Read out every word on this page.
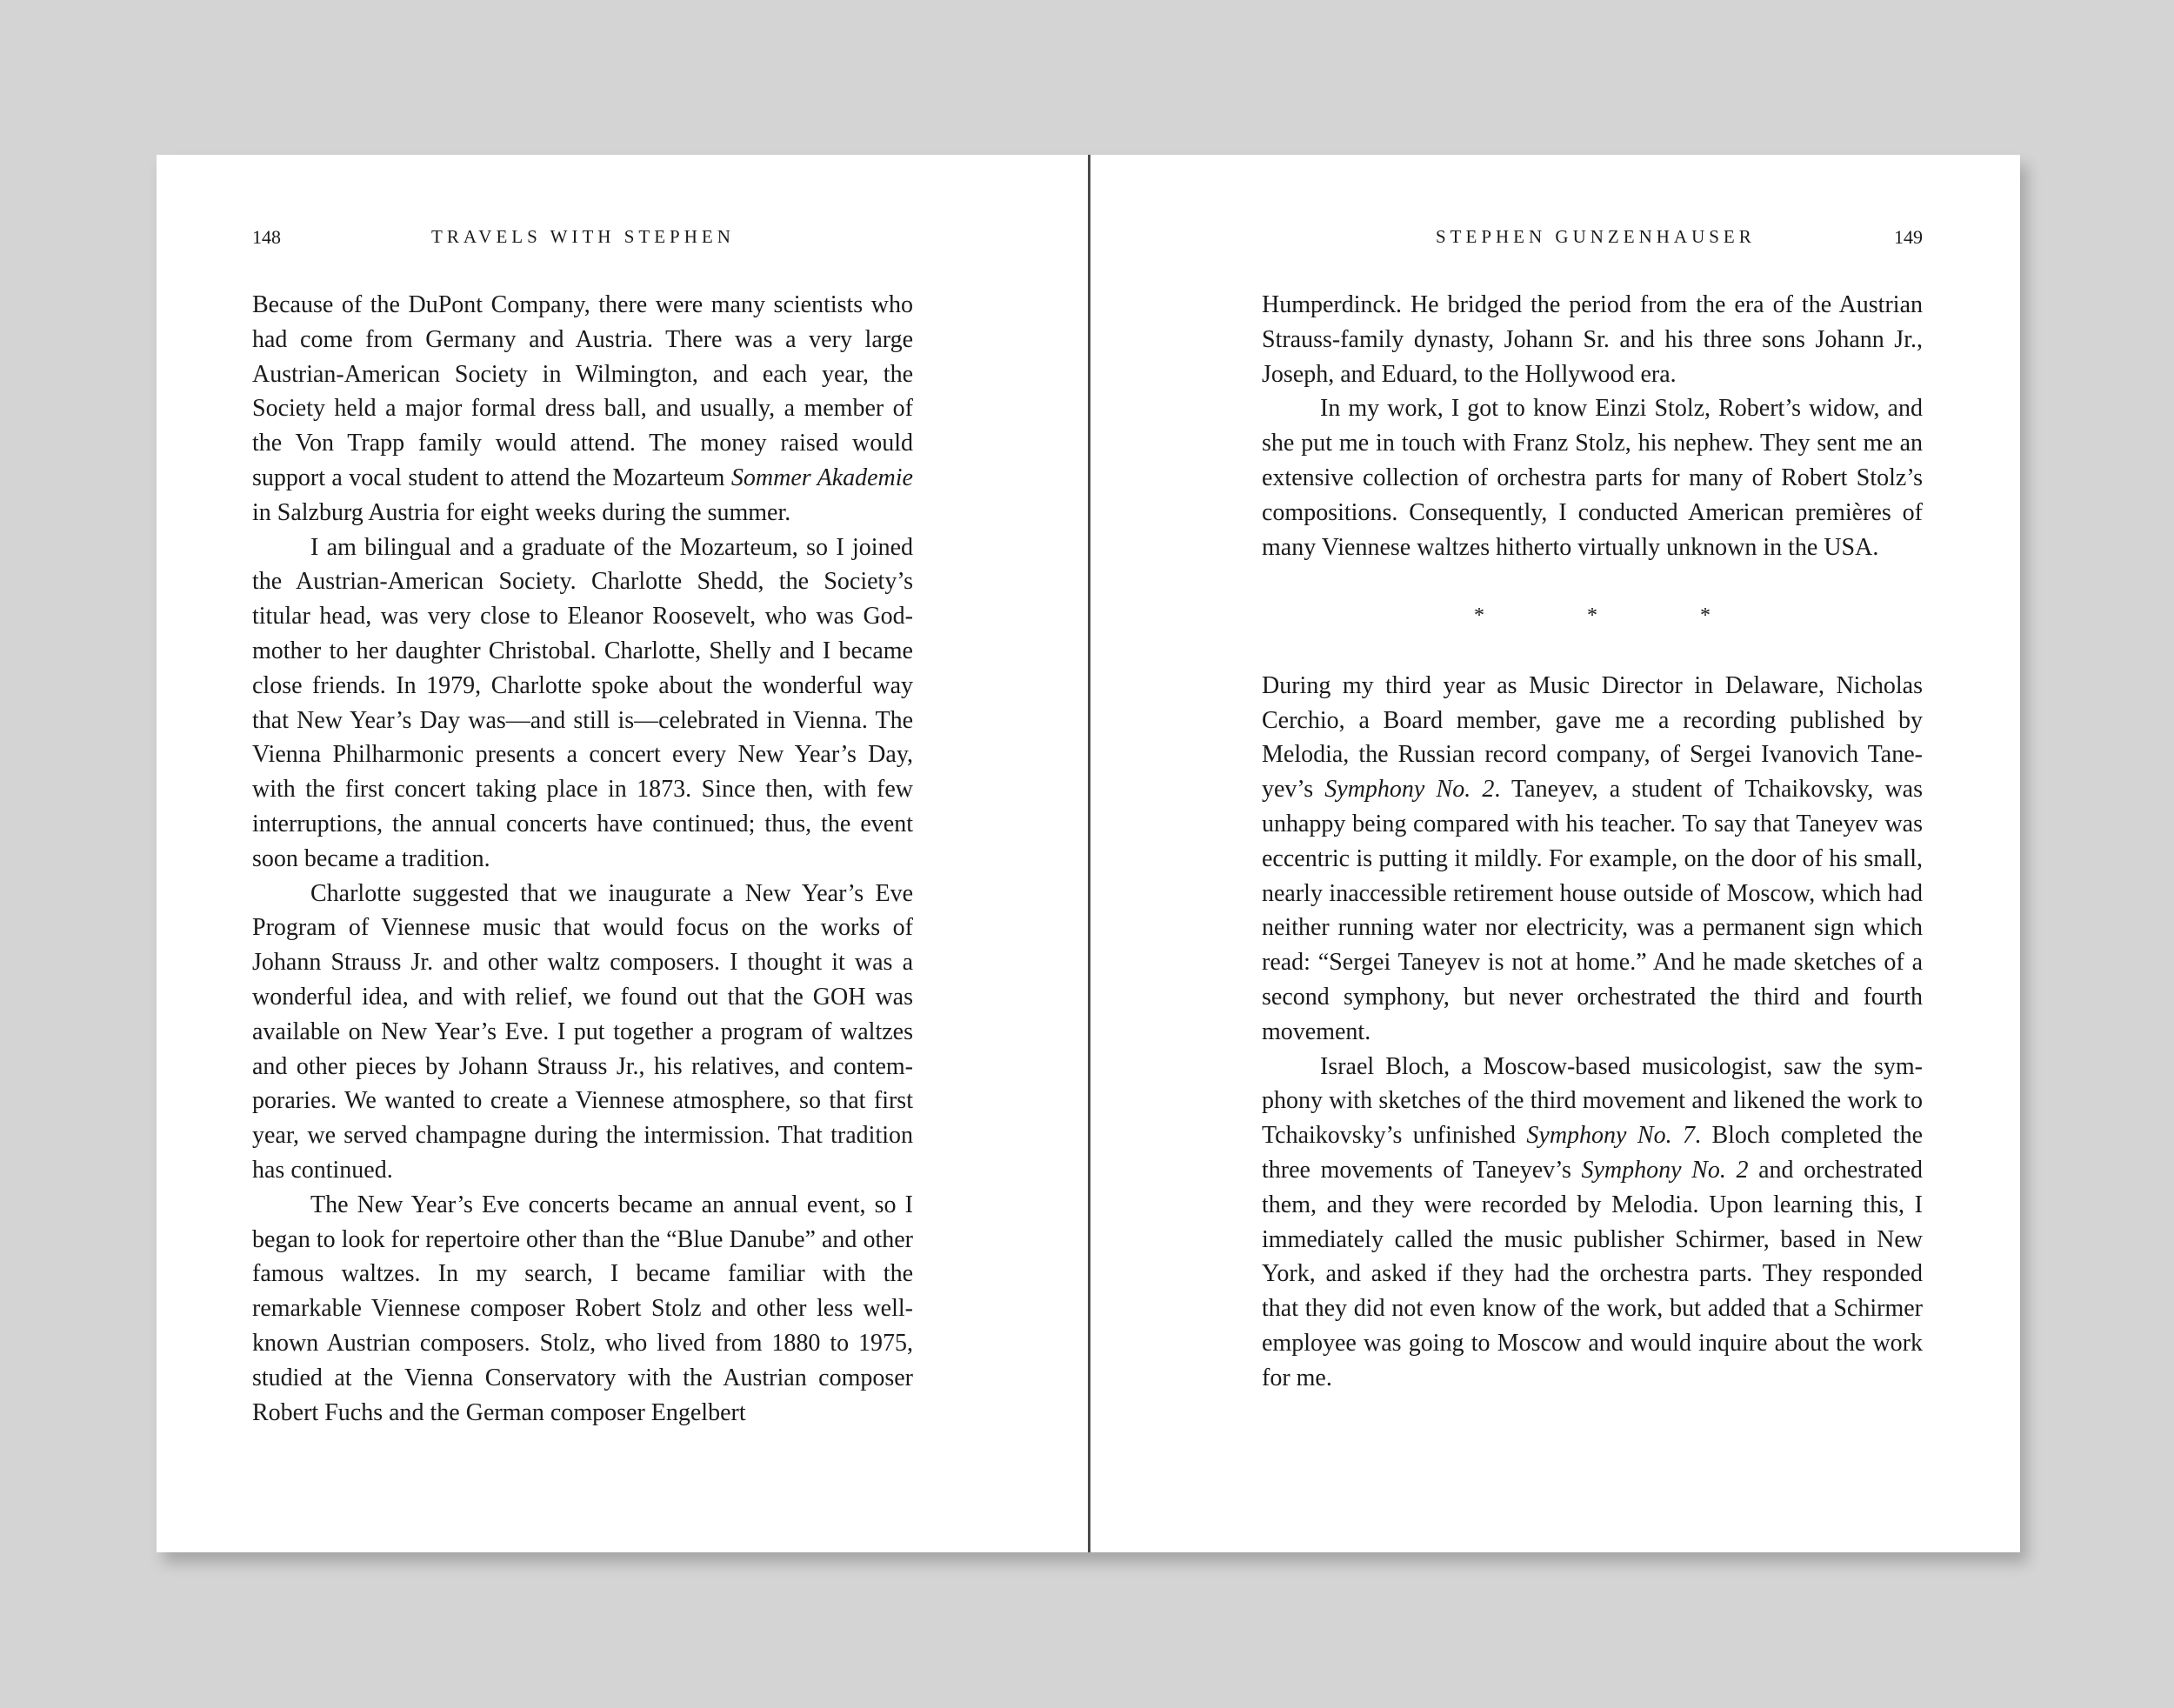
148	TRAVELS WITH STEPHEN

Because of the DuPont Company, there were many scientists who had come from Germany and Austria. There was a very large Austrian-American Society in Wilmington, and each year, the Society held a major formal dress ball, and usually, a member of the Von Trapp family would attend. The money raised would support a vocal student to attend the Mozarteum Sommer Akademie in Salzburg Austria for eight weeks during the summer.

I am bilingual and a graduate of the Mozarteum, so I joined the Austrian-American Society. Charlotte Shedd, the Society’s titular head, was very close to Eleanor Roosevelt, who was Godmother to her daughter Christobal. Charlotte, Shelly and I became close friends. In 1979, Charlotte spoke about the wonderful way that New Year’s Day was—and still is—celebrated in Vienna. The Vienna Philharmonic presents a concert every New Year’s Day, with the first concert taking place in 1873. Since then, with few interruptions, the annual concerts have continued; thus, the event soon became a tradition.

Charlotte suggested that we inaugurate a New Year’s Eve Program of Viennese music that would focus on the works of Johann Strauss Jr. and other waltz composers. I thought it was a wonderful idea, and with relief, we found out that the GOH was available on New Year’s Eve. I put together a program of waltzes and other pieces by Johann Strauss Jr., his relatives, and contemporaries. We wanted to create a Viennese atmosphere, so that first year, we served champagne during the intermission. That tradition has continued.

The New Year’s Eve concerts became an annual event, so I began to look for repertoire other than the “Blue Danube” and other famous waltzes. In my search, I became familiar with the remarkable Viennese composer Robert Stolz and other less well-known Austrian composers. Stolz, who lived from 1880 to 1975, studied at the Vienna Conservatory with the Austrian composer Robert Fuchs and the German composer Engelbert

STEPHEN GUNZENHAUSER	149

Humperdinck. He bridged the period from the era of the Austrian Strauss-family dynasty, Johann Sr. and his three sons Johann Jr., Joseph, and Eduard, to the Hollywood era.

In my work, I got to know Einzi Stolz, Robert’s widow, and she put me in touch with Franz Stolz, his nephew. They sent me an extensive collection of orchestra parts for many of Robert Stolz’s compositions. Consequently, I conducted American premières of many Viennese waltzes hitherto virtually unknown in the USA.

* * *

During my third year as Music Director in Delaware, Nicholas Cerchio, a Board member, gave me a recording published by Melodia, the Russian record company, of Sergei Ivanovich Taneyev’s Symphony No. 2. Taneyev, a student of Tchaikovsky, was unhappy being compared with his teacher. To say that Taneyev was eccentric is putting it mildly. For example, on the door of his small, nearly inaccessible retirement house outside of Moscow, which had neither running water nor electricity, was a permanent sign which read: “Sergei Taneyev is not at home.” And he made sketches of a second symphony, but never orchestrated the third and fourth movement.

Israel Bloch, a Moscow-based musicologist, saw the symphony with sketches of the third movement and likened the work to Tchaikovsky’s unfinished Symphony No. 7. Bloch completed the three movements of Taneyev’s Symphony No. 2 and orchestrated them, and they were recorded by Melodia. Upon learning this, I immediately called the music publisher Schirmer, based in New York, and asked if they had the orchestra parts. They responded that they did not even know of the work, but added that a Schirmer employee was going to Moscow and would inquire about the work for me.
